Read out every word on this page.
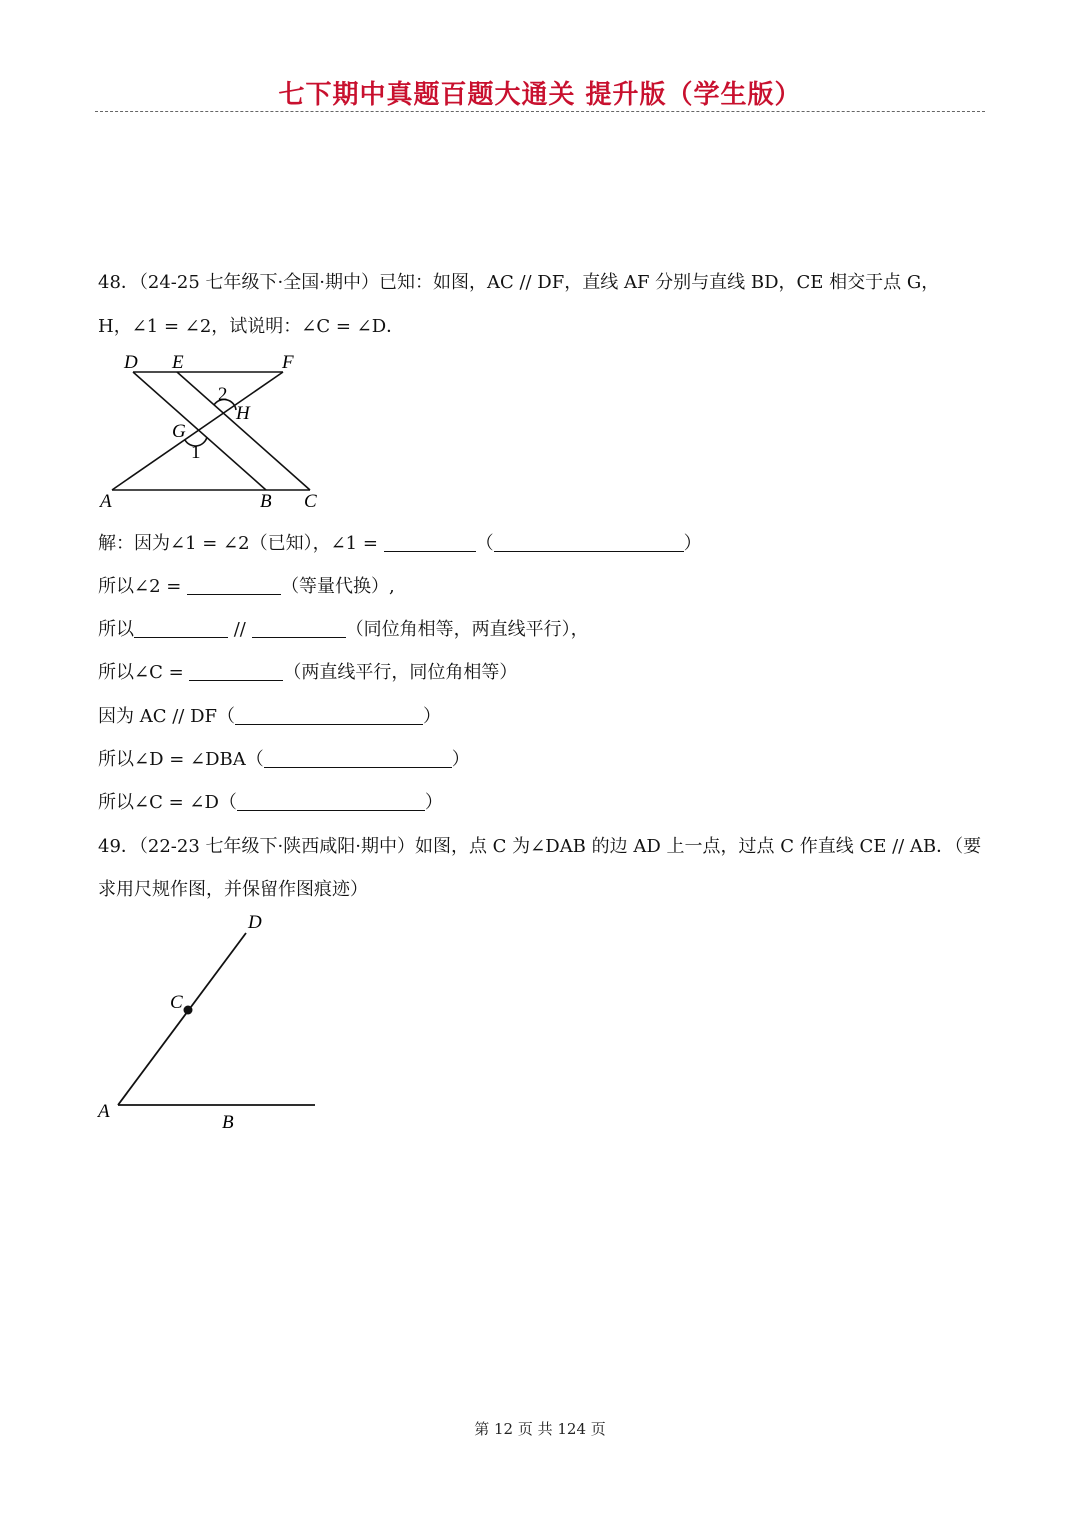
七下期中真题百题大通关 提升版（学生版）
48．（24-25 七年级下·全国·期中）已知：如图，AC // DF，直线 AF 分别与直线 BD，CE 相交于点 G，
H，∠1 = ∠2，试说明：∠C = ∠D．
D E	F
2
H
G
1
A	B C
解：因为∠1 = ∠2（已知），∠1 =	（	）
所以∠2 =	（等量代换）,
所以	//	（同位角相等，两直线平行），
所以∠C =	（两直线平行，同位角相等）
因为 AC // DF（	）
所以∠D = ∠DBA（	）
所以∠C = ∠D（	）
49．（22-23 七年级下·陕西咸阳·期中）如图，点 C 为∠DAB 的边 AD 上一点，过点 C 作直线 CE // AB．（要
求用尺规作图，并保留作图痕迹）
D
C
A
B
第 12 页 共 124 页
